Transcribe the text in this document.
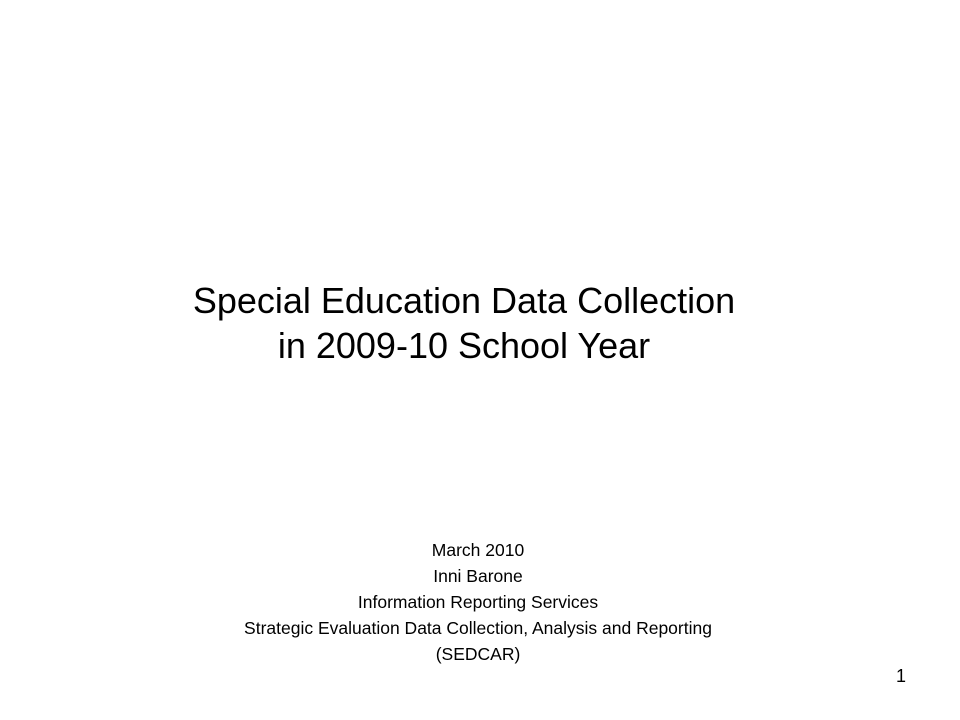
Special Education Data Collection
in 2009-10 School Year
March 2010
Inni Barone
Information Reporting Services
Strategic Evaluation Data Collection, Analysis and Reporting
(SEDCAR)
1
